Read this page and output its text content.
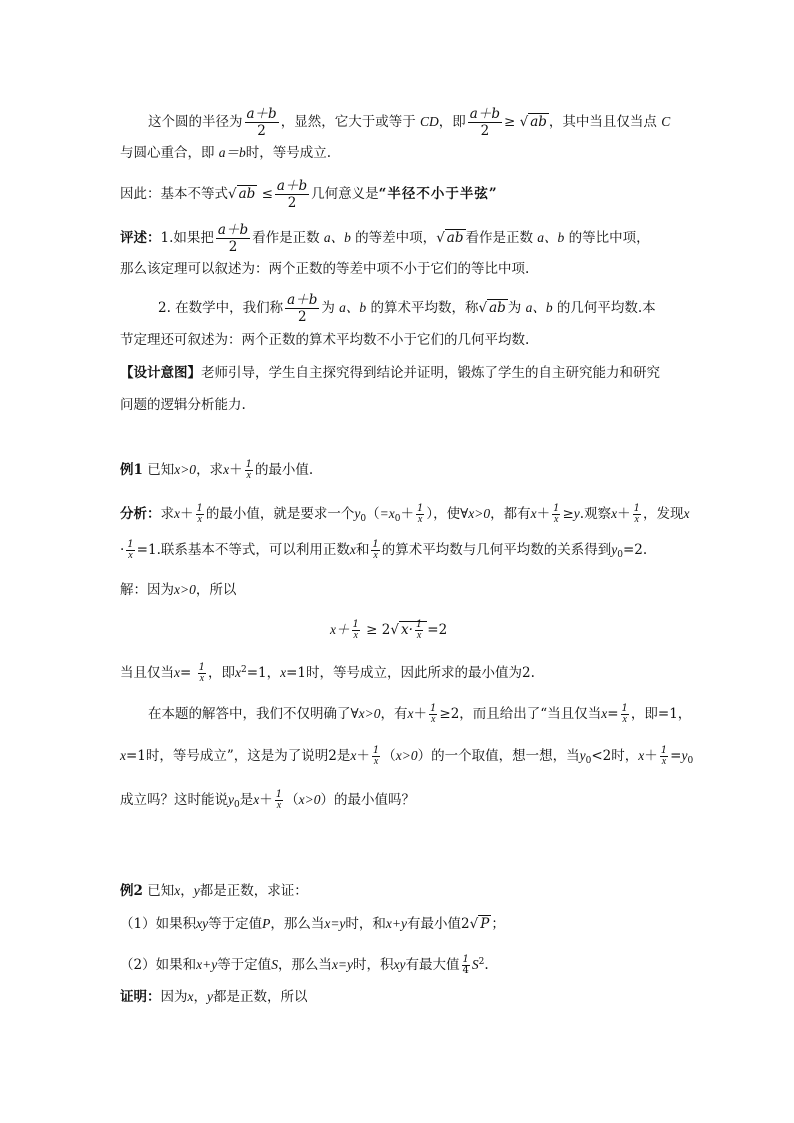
这个圆的半径为 $\frac{a+b}{2}$ ，显然，它大于或等于 CD，即 $\frac{a+b}{2}$ ≥ √ ab ，其中当且仅当点 C
与圆心重合，即 a＝b时，等号成立.
因此：基本不等式√ ab ≤ $\frac{a+b}{2}$ 几何意义是“半径不小于半弦”
评述：1.如果把 $\frac{a+b}{2}$ 看作是正数 a、b 的等差中项，√ ab 看作是正数 a、b 的等比中项，
那么该定理可以叙述为：两个正数的等差中项不小于它们的等比中项.
2. 在数学中，我们称 $\frac{a+b}{2}$ 为 a、b 的算术平均数，称√ ab 为 a、b 的几何平均数.本
节定理还可叙述为：两个正数的算术平均数不小于它们的几何平均数.
【设计意图】老师引导，学生自主探究得到结论并证明，锻炼了学生的自主研究能力和研究
问题的逻辑分析能力.
例1 已知x>0，求$x+ \frac{1}{x}$ 的最小值.
分析：求$x+ \frac{1}{x}$ 的最小值，就是要求一个$y_0(=x_0+ \frac{1}{x}$ ），使∀x>0，都有$x+ \frac{1}{x} \ge y$.观察$x+ \frac{1}{x}$ ，发现x
· $\frac{1}{x} =1$.联系基本不等式，可以利用正数x和 $\frac{1}{x}$ 的算术平均数与几何平均数的关系得到$y_0=2$.
解：因为x>0，所以
$x+ \frac{1}{x} \ge 2√$ $x\cdot \frac{1}{x} =2$
当且仅当$x= \frac{1}{x}$ ，即$x^2=1$，x=1时，等号成立，因此所求的最小值为2.
在本题的解答中，我们不仅明确了∀x>0，有$x+ \frac{1}{x} \ge 2$，而且给出了“当且仅当$x= \frac{1}{x}$ ，即=1，
x=1时，等号成立”，这是为了说明2是$x+ \frac{1}{x} (x>0)$的一个取值，想一想，当$y_0<2$时，$x+ \frac{1}{x} =y_0$
成立吗？这时能说$y_0$是$x+ \frac{1}{x} (x>0)$的最小值吗？
例2 已知x，y都是正数，求证：
（1）如果积xy等于定值P，那么当x=y时，和x+y有最小值2√ P ；
（2）如果和x+y等于定值S，那么当x=y时，积xy有最大值 $\frac{1}{4} S^2$.
证明：因为x，y都是正数，所以
